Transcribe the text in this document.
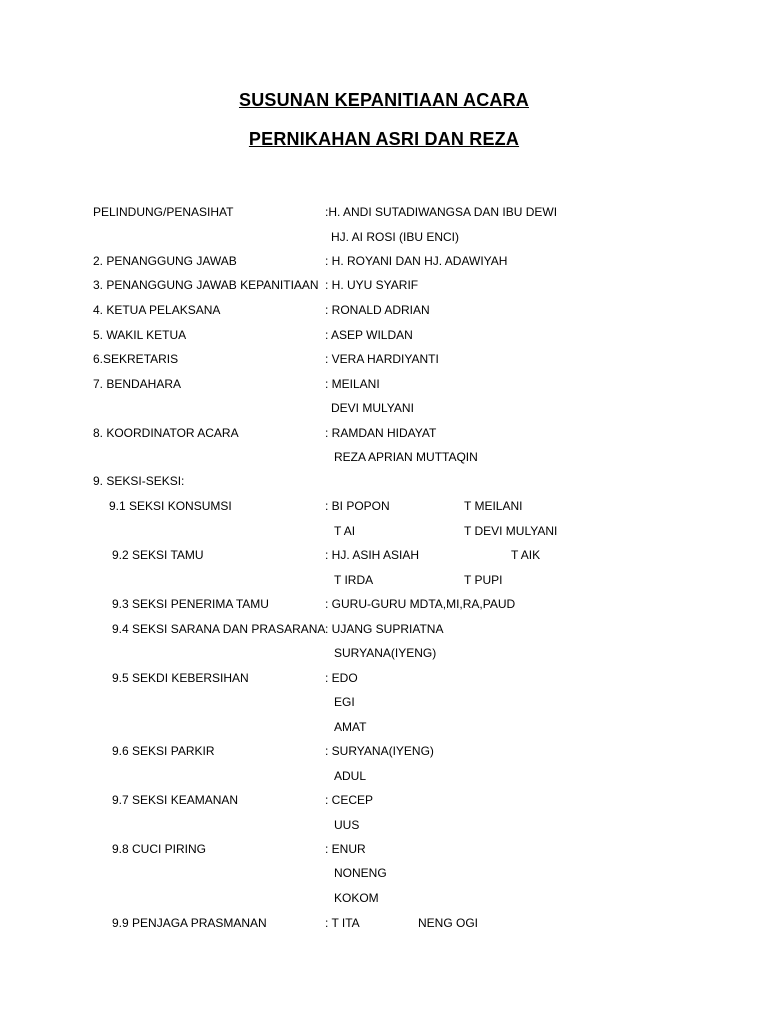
SUSUNAN KEPANITIAAN ACARA
PERNIKAHAN ASRI DAN REZA
PELINDUNG/PENASIHAT	:H. ANDI SUTADIWANGSA DAN IBU DEWI
HJ. AI ROSI (IBU ENCI)
2. PENANGGUNG JAWAB	: H. ROYANI DAN HJ. ADAWIYAH
3. PENANGGUNG JAWAB KEPANITIAAN : H. UYU SYARIF
4. KETUA PELAKSANA	: RONALD ADRIAN
5. WAKIL KETUA	: ASEP WILDAN
6.SEKRETARIS	: VERA HARDIYANTI
7. BENDAHARA	: MEILANI
DEVI MULYANI
8. KOORDINATOR ACARA	: RAMDAN HIDAYAT
REZA APRIAN MUTTAQIN
9. SEKSI-SEKSI:
9.1 SEKSI KONSUMSI	: BI POPON	T MEILANI
T AI	T DEVI MULYANI
9.2 SEKSI TAMU	: HJ. ASIH ASIAH	T AIK
T IRDA	T PUPI
9.3 SEKSI PENERIMA TAMU	: GURU-GURU MDTA,MI,RA,PAUD
9.4 SEKSI SARANA DAN PRASARANA : UJANG SUPRIATNA
SURYANA(IYENG)
9.5 SEKDI KEBERSIHAN	: EDO
EGI
AMAT
9.6 SEKSI PARKIR	: SURYANA(IYENG)
ADUL
9.7 SEKSI KEAMANAN	: CECEP
UUS
9.8 CUCI PIRING	: ENUR
NONENG
KOKOM
9.9 PENJAGA PRASMANAN	: T ITA	NENG OGI
